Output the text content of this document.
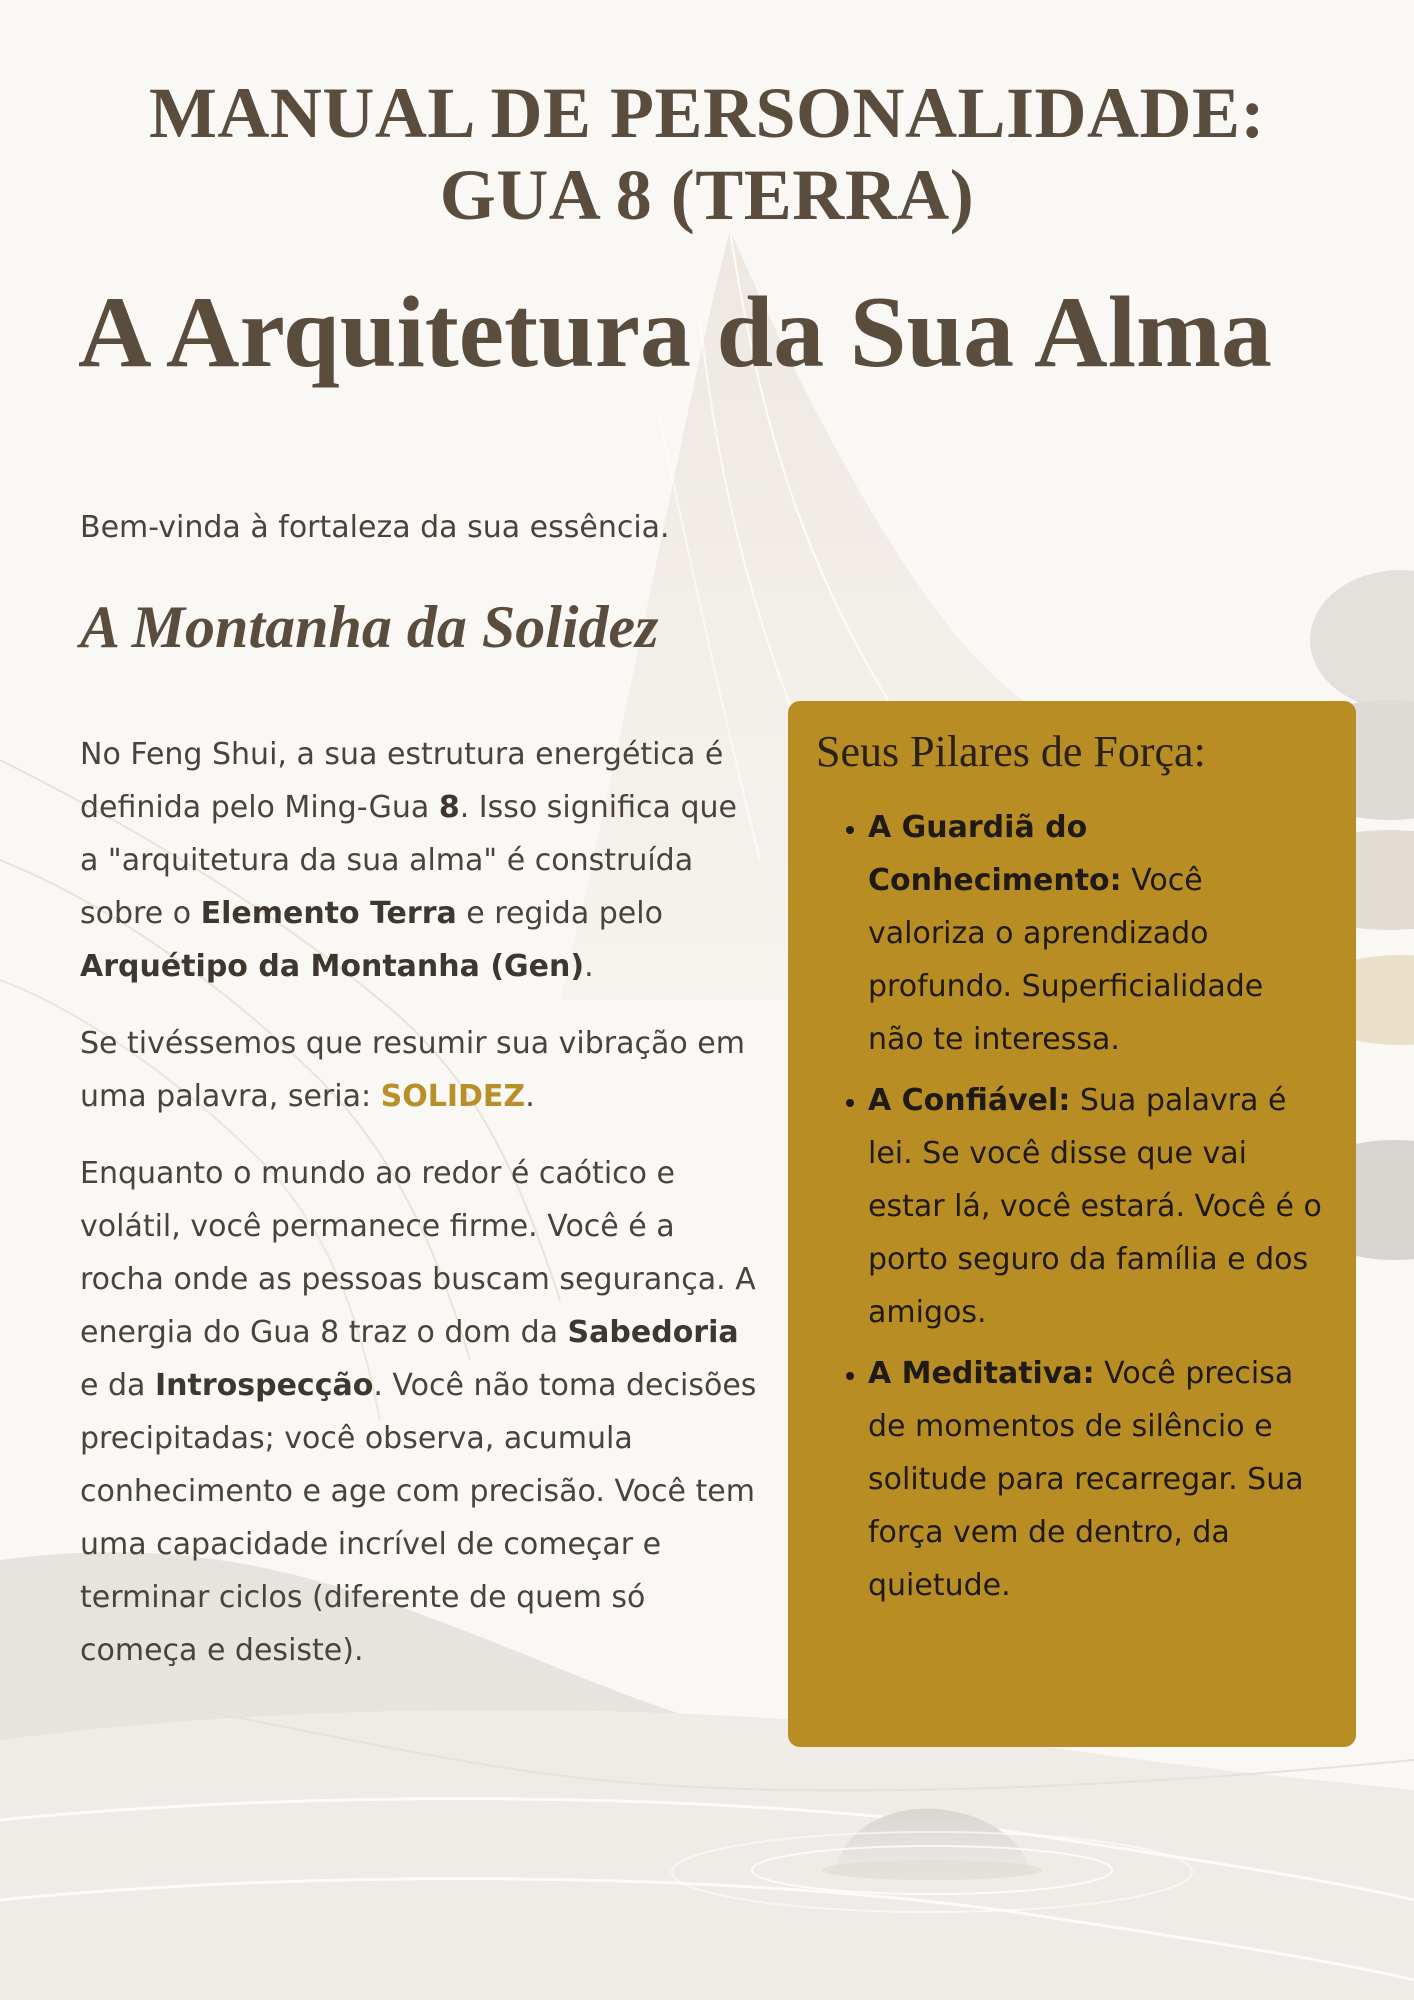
MANUAL DE PERSONALIDADE:
GUA 8 (TERRA)
A Arquitetura da Sua Alma

Bem-vinda à fortaleza da sua essência.

A Montanha da Solidez

No Feng Shui, a sua estrutura energética é definida pelo Ming-Gua 8. Isso significa que a "arquitetura da sua alma" é construída sobre o Elemento Terra e regida pelo Arquétipo da Montanha (Gen).

Se tivéssemos que resumir sua vibração em uma palavra, seria: SOLIDEZ.

Enquanto o mundo ao redor é caótico e volátil, você permanece firme. Você é a rocha onde as pessoas buscam segurança. A energia do Gua 8 traz o dom da Sabedoria e da Introspecção. Você não toma decisões precipitadas; você observa, acumula conhecimento e age com precisão. Você tem uma capacidade incrível de começar e terminar ciclos (diferente de quem só começa e desiste).

Seus Pilares de Força:
• A Guardiã do Conhecimento: Você valoriza o aprendizado profundo. Superficialidade não te interessa.
• A Confiável: Sua palavra é lei. Se você disse que vai estar lá, você estará. Você é o porto seguro da família e dos amigos.
• A Meditativa: Você precisa de momentos de silêncio e solitude para recarregar. Sua força vem de dentro, da quietude.
